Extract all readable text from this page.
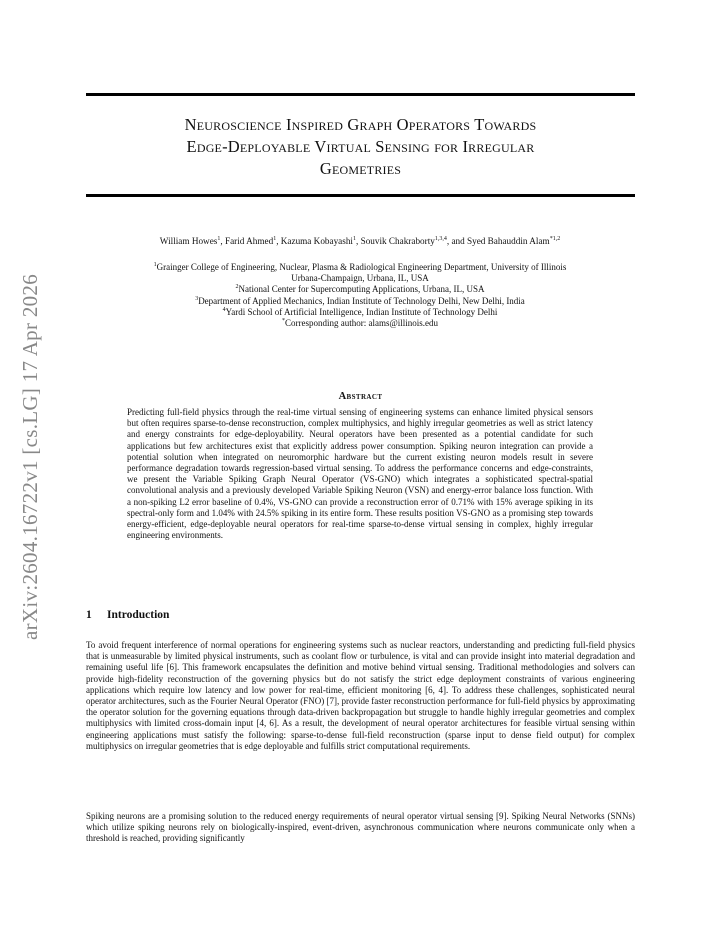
arXiv:2604.16722v1 [cs.LG] 17 Apr 2026
Neuroscience Inspired Graph Operators Towards
Edge-Deployable Virtual Sensing for Irregular
Geometries
William Howes$^1$, Farid Ahmed$^1$, Kazuma Kobayashi$^1$, Souvik Chakraborty$^{1,3,4}$, and Syed Bahauddin Alam$^{*1,2}$
$^1$Grainger College of Engineering, Nuclear, Plasma & Radiological Engineering Department, University of Illinois
Urbana-Champaign, Urbana, IL, USA
$^2$National Center for Supercomputing Applications, Urbana, IL, USA
$^3$Department of Applied Mechanics, Indian Institute of Technology Delhi, New Delhi, India
$^4$Yardi School of Artificial Intelligence, Indian Institute of Technology Delhi
*Corresponding author: alams@illinois.edu
Abstract
Predicting full-field physics through the real-time virtual sensing of engineering systems can enhance limited physical sensors but often requires sparse-to-dense reconstruction, complex multiphysics, and highly irregular geometries as well as strict latency and energy constraints for edge-deployability. Neural operators have been presented as a potential candidate for such applications but few architectures exist that explicitly address power consumption. Spiking neuron integration can provide a potential solution when integrated on neuromorphic hardware but the current existing neuron models result in severe performance degradation towards regression-based virtual sensing. To address the performance concerns and edge-constraints, we present the Variable Spiking Graph Neural Operator (VS-GNO) which integrates a sophisticated spectral-spatial convolutional analysis and a previously developed Variable Spiking Neuron (VSN) and energy-error balance loss function. With a non-spiking L2 error baseline of 0.4%, VS-GNO can provide a reconstruction error of 0.71% with 15% average spiking in its spectral-only form and 1.04% with 24.5% spiking in its entire form. These results position VS-GNO as a promising step towards energy-efficient, edge-deployable neural operators for real-time sparse-to-dense virtual sensing in complex, highly irregular engineering environments.
1 Introduction
To avoid frequent interference of normal operations for engineering systems such as nuclear reactors, understanding and predicting full-field physics that is unmeasurable by limited physical instruments, such as coolant flow or turbulence, is vital and can provide insight into material degradation and remaining useful life [6]. This framework encapsulates the definition and motive behind virtual sensing. Traditional methodologies and solvers can provide high-fidelity reconstruction of the governing physics but do not satisfy the strict edge deployment constraints of various engineering applications which require low latency and low power for real-time, efficient monitoring [6, 4]. To address these challenges, sophisticated neural operator architectures, such as the Fourier Neural Operator (FNO) [7], provide faster reconstruction performance for full-field physics by approximating the operator solution for the governing equations through data-driven backpropagation but struggle to handle highly irregular geometries and complex multiphysics with limited cross-domain input [4, 6]. As a result, the development of neural operator architectures for feasible virtual sensing within engineering applications must satisfy the following: sparse-to-dense full-field reconstruction (sparse input to dense field output) for complex multiphysics on irregular geometries that is edge deployable and fulfills strict computational requirements.
Spiking neurons are a promising solution to the reduced energy requirements of neural operator virtual sensing [9]. Spiking Neural Networks (SNNs) which utilize spiking neurons rely on biologically-inspired, event-driven, asynchronous communication where neurons communicate only when a threshold is reached, providing significantly
